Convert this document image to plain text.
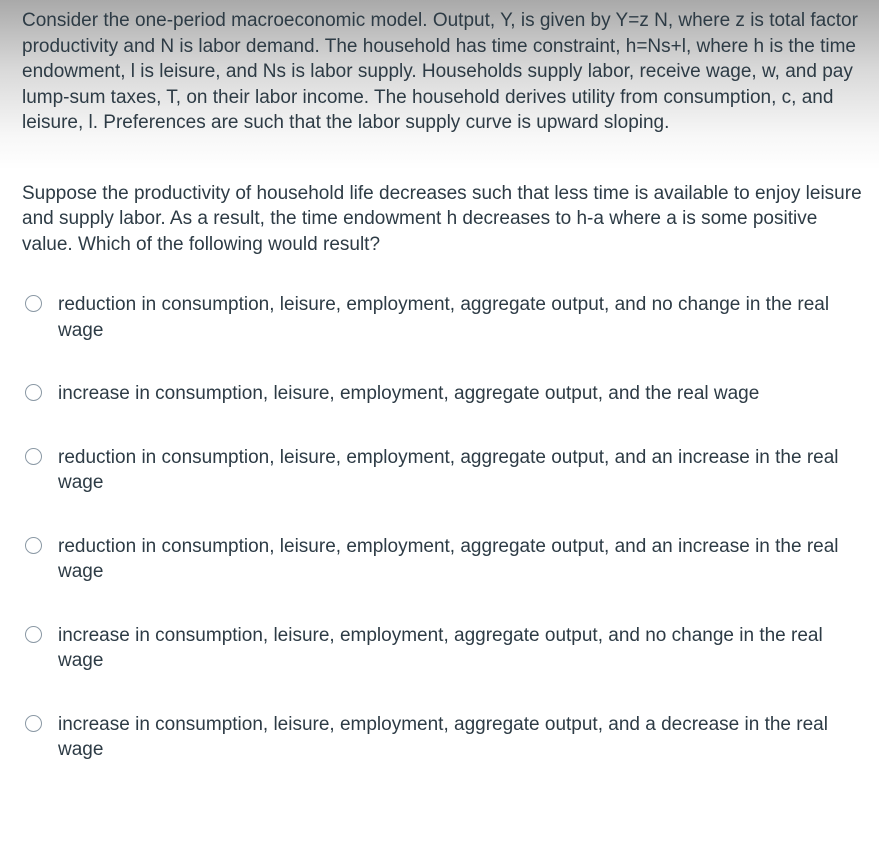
Consider the one-period macroeconomic model. Output, Y, is given by Y=z N, where z is total factor productivity and N is labor demand. The household has time constraint, h=Ns+l, where h is the time endowment, l is leisure, and Ns is labor supply. Households supply labor, receive wage, w, and pay lump-sum taxes, T, on their labor income. The household derives utility from consumption, c, and leisure, l. Preferences are such that the labor supply curve is upward sloping.

Suppose the productivity of household life decreases such that less time is available to enjoy leisure and supply labor. As a result, the time endowment h decreases to h-a where a is some positive value. Which of the following would result?

reduction in consumption, leisure, employment, aggregate output, and no change in the real wage
increase in consumption, leisure, employment, aggregate output, and the real wage
reduction in consumption, leisure, employment, aggregate output, and an increase in the real wage
reduction in consumption, leisure, employment, aggregate output, and an increase in the real wage
increase in consumption, leisure, employment, aggregate output, and no change in the real wage
increase in consumption, leisure, employment, aggregate output, and a decrease in the real wage
